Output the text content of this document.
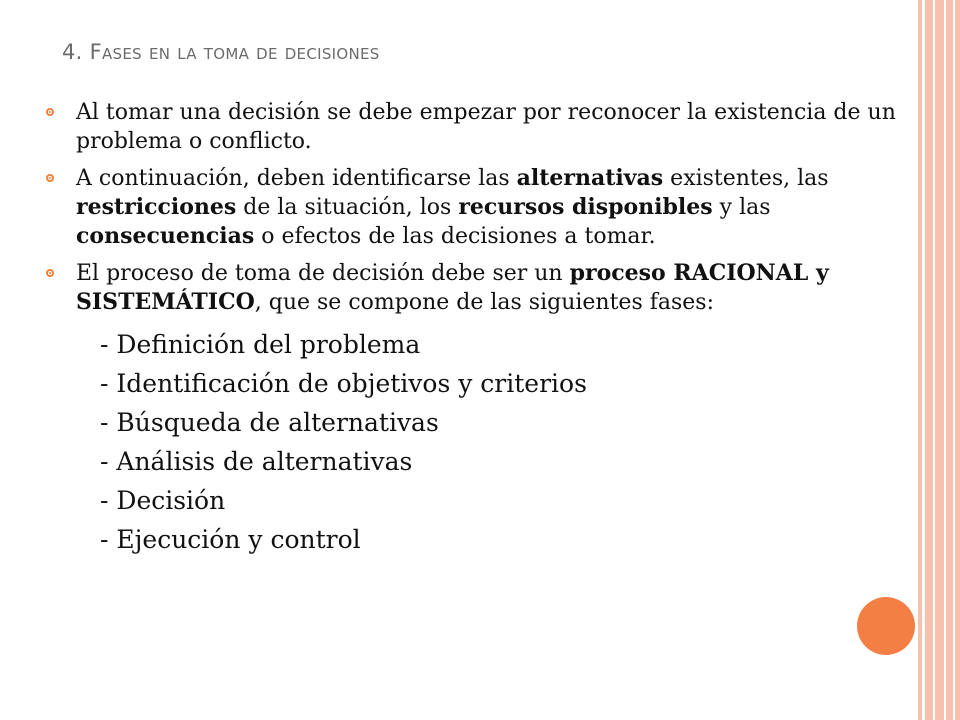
4. Fases en la toma de decisiones
Al tomar una decisión se debe empezar por reconocer la existencia de un problema o conflicto.
A continuación, deben identificarse las alternativas existentes, las restricciones de la situación, los recursos disponibles y las consecuencias o efectos de las decisiones a tomar.
El proceso de toma de decisión debe ser un proceso RACIONAL y SISTEMÁTICO, que se compone de las siguientes fases:
- Definición del problema
- Identificación de objetivos y criterios
- Búsqueda de alternativas
- Análisis de alternativas
- Decisión
- Ejecución y control
